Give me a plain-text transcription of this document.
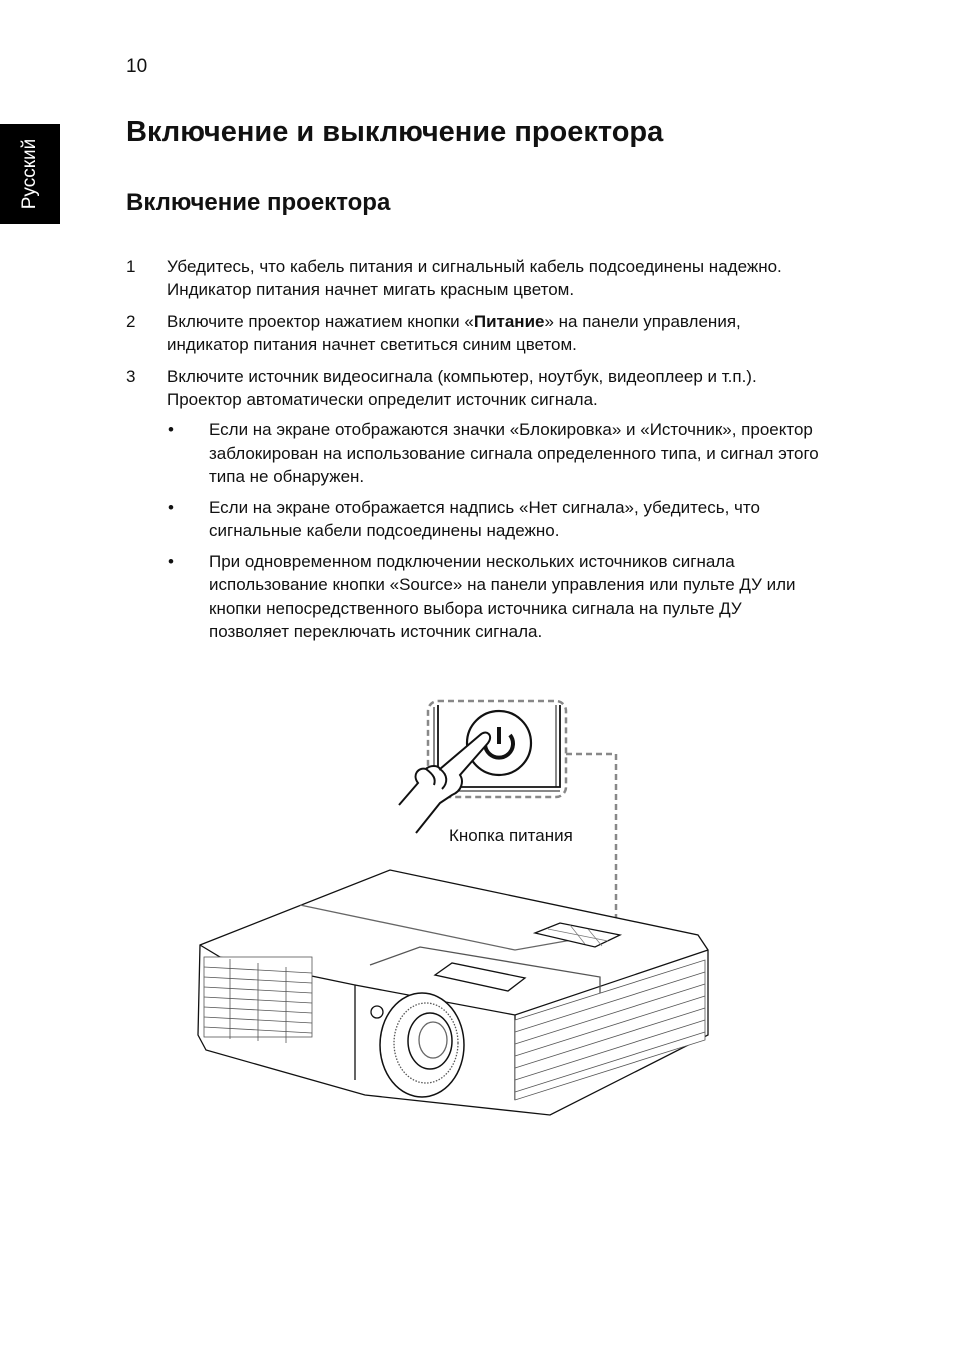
10
Русский
Включение и выключение проектора
Включение проектора
1	Убедитесь, что кабель питания и сигнальный кабель подсоединены надежно. Индикатор питания начнет мигать красным цветом.
2	Включите проектор нажатием кнопки «Питание» на панели управления, индикатор питания начнет светиться синим цветом.
3	Включите источник видеосигнала (компьютер, ноутбук, видеоплеер и т.п.). Проектор автоматически определит источник сигнала.
•	Если на экране отображаются значки «Блокировка» и «Источник», проектор заблокирован на использование сигнала определенного типа, и сигнал этого типа не обнаружен.
•	Если на экране отображается надпись «Нет сигнала», убедитесь, что сигнальные кабели подсоединены надежно.
•	При одновременном подключении нескольких источников сигнала использование кнопки «Source» на панели управления или пульте ДУ или кнопки непосредственного выбора источника сигнала на пульте ДУ позволяет переключать источник сигнала.
Кнопка питания
